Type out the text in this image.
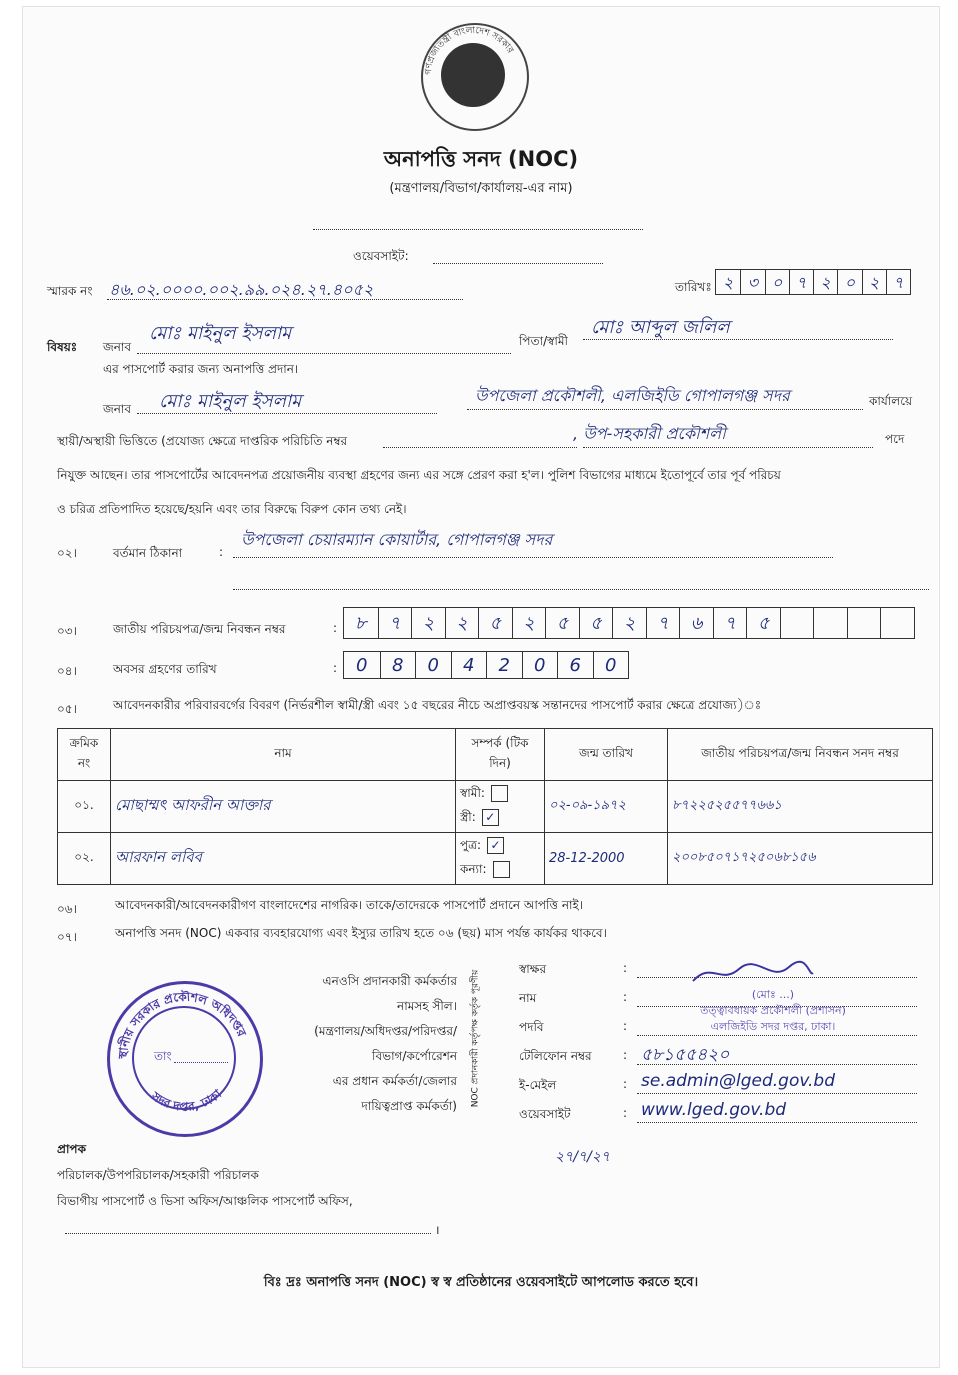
গণপ্রজাতন্ত্রী বাংলাদেশ সরকার
অনাপত্তি সনদ (NOC)
(মন্ত্রণালয়/বিভাগ/কার্যালয়-এর নাম)
ওয়েবসাইট:
স্মারক নং ৪৬.০২.০০০০.০০২.৯৯.০২৪.২৭.৪০৫২	তারিখঃ ২ ৩ ০ ৭ ২ ০ ২ ৭
বিষয়ঃ জনাব
মোঃ মাইনুল ইসলাম	পিতা/স্বামী
মোঃ আব্দুল জলিল
এর পাসপোর্ট করার জন্য অনাপত্তি প্রদান।
জনাব মোঃ মাইনুল ইসলাম	উপজেলা প্রকৌশলী, এলজিইডি গোপালগঞ্জ সদর	কার্যালয়ে
স্থায়ী/অস্থায়ী ভিত্তিতে (প্রযোজ্য ক্ষেত্রে দাপ্তরিক পরিচিতি নম্বর	, উপ-সহকারী প্রকৌশলী	পদে
নিযুক্ত আছেন। তার পাসপোর্টের আবেদনপত্র প্রয়োজনীয় ব্যবস্থা গ্রহণের জন্য এর সঙ্গে প্রেরণ করা হ'ল। পুলিশ বিভাগের মাধ্যমে ইতোপূর্বে তার পূর্ব পরিচয়
ও চরিত্র প্রতিপাদিত হয়েছে/হয়নি এবং তার বিরুদ্ধে বিরুপ কোন তথ্য নেই।
০২।	বর্তমান ঠিকানা	:
উপজেলা চেয়ারম্যান কোয়ার্টার, গোপালগঞ্জ সদর
০৩।	জাতীয় পরিচয়পত্র/জন্ম নিবন্ধন নম্বর	: ৮	৭	২	২	৫	২	৫	৫	২	৭	৬	৭	৫
০৪।	অবসর গ্রহণের তারিখ	:	0	8	0	4	2	0	6	0
০৫।	আবেদনকারীর পরিবারবর্গের বিবরণ (নির্ভরশীল স্বামী/স্ত্রী এবং ১৫ বছরের নীচে অপ্রাপ্তবয়স্ক সন্তানদের পাসপোর্ট করার ক্ষেত্রে প্রযোজ্য)ঃ
ক্রমিক নং	নাম	সম্পর্ক (টিক দিন)	জন্ম তারিখ	জাতীয় পরিচয়পত্র/জন্ম নিবন্ধন সনদ নম্বর
০১.	মোছাম্মৎ আফরীন আক্তার	স্বামী:
স্ত্রী: ✓	০২-০৯-১৯৭২	৮৭২২৫২৫৫৭৭৬৬১
০২.	আরফান লবিব	পুত্র: ✓
কন্যা:	28-12-2000	২০০৮৫০৭১৭২৫০৬৮১৫৬
০৬।	আবেদনকারী/আবেদনকারীগণ বাংলাদেশের নাগরিক। তাকে/তাদেরকে পাসপোর্ট প্রদানে আপত্তি নাই।
০৭।	অনাপত্তি সনদ (NOC) একবার ব্যবহারযোগ্য এবং ইস্যুর তারিখ হতে ০৬ (ছয়) মাস পর্যন্ত কার্যকর থাকবে।
স্থানীয় সরকার প্রকৌশল অধিদপ্তর
সদর দপ্তর, ঢাকা
তাং
এনওসি প্রদানকারী কর্মকর্তার
নামসহ সীল।
(মন্ত্রণালয়/অধিদপ্তর/পরিদপ্তর/
বিভাগ/কর্পোরেশন
এর প্রধান কর্মকর্তা/জেলার
দায়িত্বপ্রাপ্ত কর্মকর্তা)	NOC প্রদানকারী কর্তৃপক্ষ কর্তৃক পূরণীয়
স্বাক্ষর	:
নাম	:
পদবি	:
টেলিফোন নম্বর	: ৫৮১৫৫৪২০
ই-মেইল	: se.admin@lged.gov.bd
ওয়েবসাইট	: www.lged.gov.bd
(মোঃ ...)
তত্ত্বাবধায়ক প্রকৌশলী (প্রশাসন)
এলজিইডি সদর দপ্তর, ঢাকা।
২৭/৭/২৭
প্রাপক
পরিচালক/উপপরিচালক/সহকারী পরিচালক
বিভাগীয় পাসপোর্ট ও ভিসা অফিস/আঞ্চলিক পাসপোর্ট অফিস,
।
বিঃ দ্রঃ অনাপত্তি সনদ (NOC) স্ব স্ব প্রতিষ্ঠানের ওয়েবসাইটে আপলোড করতে হবে।
